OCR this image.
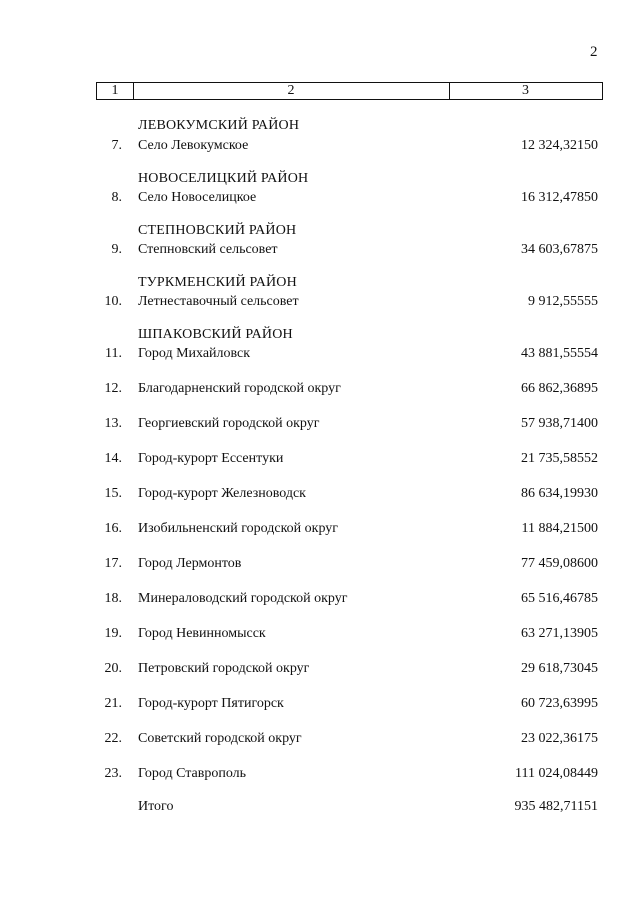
2
1	2	3
ЛЕВОКУМСКИЙ РАЙОН
7. Село Левокумское	12 324,32150
НОВОСЕЛИЦКИЙ РАЙОН
8. Село Новоселицкое	16 312,47850
СТЕПНОВСКИЙ РАЙОН
9. Степновский сельсовет	34 603,67875
ТУРКМЕНСКИЙ РАЙОН
10. Летнеставочный сельсовет	9 912,55555
ШПАКОВСКИЙ РАЙОН
11. Город Михайловск	43 881,55554
12. Благодарненский городской округ	66 862,36895
13. Георгиевский городской округ	57 938,71400
14. Город-курорт Ессентуки	21 735,58552
15. Город-курорт Железноводск	86 634,19930
16. Изобильненский городской округ	11 884,21500
17. Город Лермонтов	77 459,08600
18. Минераловодский городской округ	65 516,46785
19. Город Невинномысск	63 271,13905
20. Петровский городской округ	29 618,73045
21. Город-курорт Пятигорск	60 723,63995
22. Советский городской округ	23 022,36175
23. Город Ставрополь	111 024,08449
Итого	935 482,71151
